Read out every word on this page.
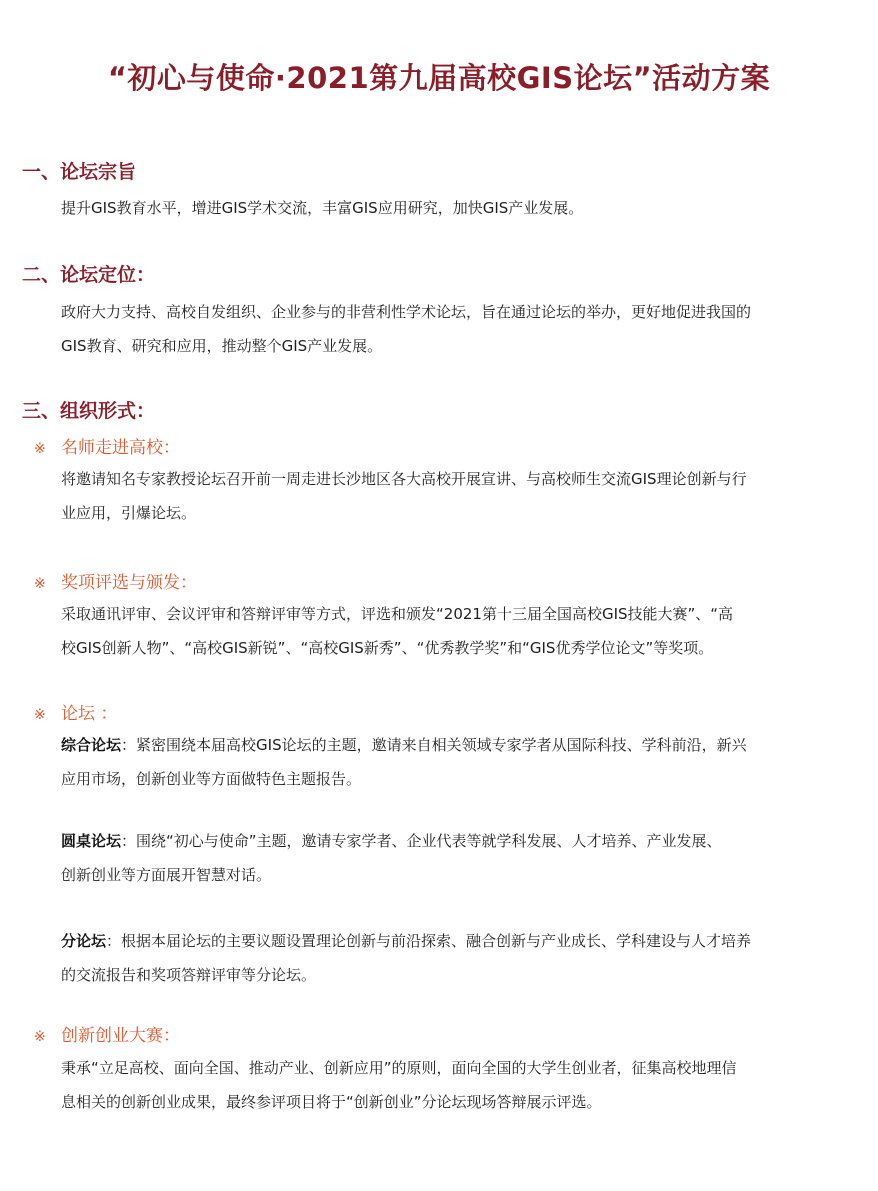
“初心与使命·2021第九届高校GIS论坛”活动方案
一、论坛宗旨

提升GIS教育水平，增进GIS学术交流，丰富GIS应用研究，加快GIS产业发展。

二、论坛定位：

政府大力支持、高校自发组织、企业参与的非营利性学术论坛，旨在通过论坛的举办，更好地促进我国的

GIS教育、研究和应用，推动整个GIS产业发展。

三、组织形式：
※ 名师走进高校：

将邀请知名专家教授论坛召开前一周走进长沙地区各大高校开展宣讲、与高校师生交流GIS理论创新与行

业应用，引爆论坛。

※ 奖项评选与颁发：

采取通讯评审、会议评审和答辩评审等方式，评选和颁发“2021第十三届全国高校GIS技能大赛”、“高

校GIS创新人物”、“高校GIS新锐”、“高校GIS新秀”、“优秀教学奖”和“GIS优秀学位论文”等奖项。

※ 论坛 ：

综合论坛：紧密围绕本届高校GIS论坛的主题，邀请来自相关领域专家学者从国际科技、学科前沿，新兴

应用市场，创新创业等方面做特色主题报告。

圆桌论坛：围绕“初心与使命”主题，邀请专家学者、企业代表等就学科发展、人才培养、产业发展、

创新创业等方面展开智慧对话。

分论坛：根据本届论坛的主要议题设置理论创新与前沿探索、融合创新与产业成长、学科建设与人才培养

的交流报告和奖项答辩评审等分论坛。

※ 创新创业大赛：

秉承“立足高校、面向全国、推动产业、创新应用”的原则，面向全国的大学生创业者，征集高校地理信

息相关的创新创业成果，最终参评项目将于“创新创业”分论坛现场答辩展示评选。
